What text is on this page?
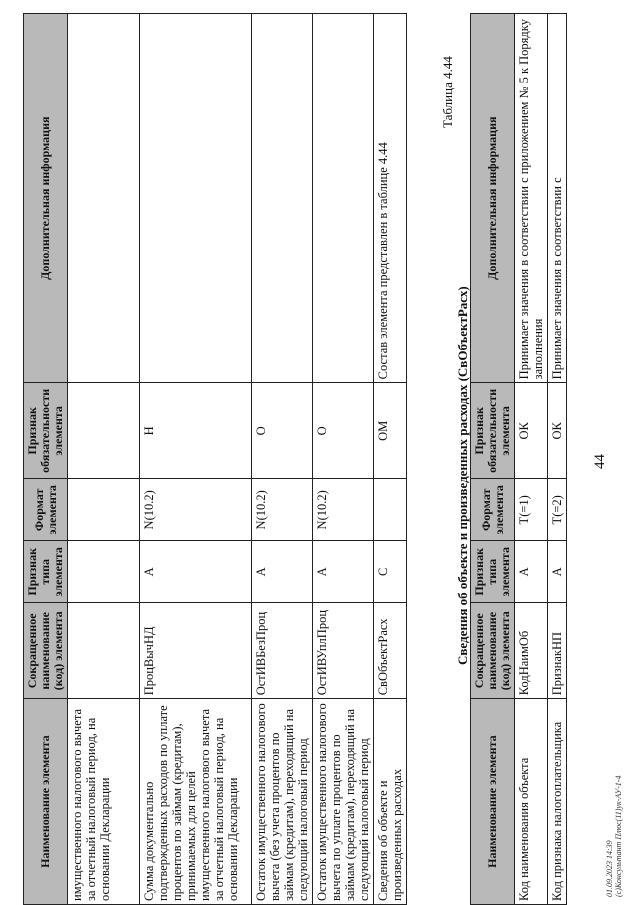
44
Наименование элемента	Сокращенное наименование (код) элемента	Признак типа элемента	Формат элемента	Признак обязательности элемента	Дополнительная информация
имущественного налогового вычета за отчетный налоговый период, на основании Декларации					
Сумма документально подтвержденных расходов по уплате процентов по займам (кредитам), принимаемых для целей имущественного налогового вычета за отчетный налоговый период, на основании Декларации	ПроцВычНД	А	N(10.2)	Н	
Остаток имущественного налогового вычета (без учета процентов по займам (кредитам), переходящий на следующий налоговый период	ОстИВБезПроц	А	N(10.2)	О	
Остаток имущественного налогового вычета по уплате процентов по займам (кредитам), переходящий на следующий налоговый период	ОстИВУплПроц	А	N(10.2)	О	
Сведения об объекте и произведенных расходах	СвОбъектРасх	С		ОМ	Состав элемента представлен в таблице 4.44
Таблица 4.44
Сведения об объекте и произведенных расходах (СвОбъектРасх)
Наименование элемента	Сокращенное наименование (код) элемента	Признак типа элемента	Формат элемента	Признак обязательности элемента	Дополнительная информация
Код наименования объекта	КодНаимОб	А	T(=1)	ОК	Принимает значения в соответствии с приложением № 5 к Порядку заполнения
Код признака налогоплательщика	ПризнакНП	А	T(=2)	ОК	Принимает значения в соответствии с
01.09.2023 14:39 (c)Консультант Плюс(11)ук-АУ-1-4
